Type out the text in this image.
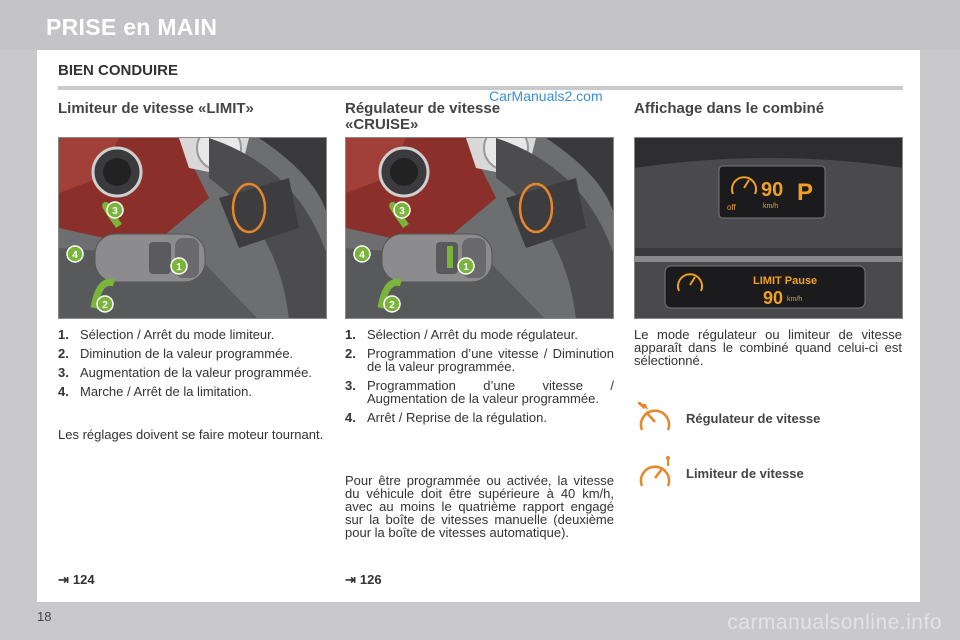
PRISE en MAIN
BIEN CONDUIRE
CarManuals2.com
Limiteur de vitesse «LIMIT»	Régulateur de vitesse
«CRUISE»
Affichage dans le combiné
3
4
1
2
3
4
1
2
off
90
km/h
P
LIMIT Pause
90 km/h
1. Sélection / Arrêt du mode limiteur.
2. Diminution de la valeur programmée.
3. Augmentation de la valeur programmée.
4. Marche / Arrêt de la limitation.
Les réglages doivent se faire moteur tournant.
1. Sélection / Arrêt du mode régulateur.
2. Programmation d’une vitesse / Diminution de la valeur programmée.
3. Programmation d’une vitesse / Augmentation de la valeur programmée.
4. Arrêt / Reprise de la régulation.
Pour être programmée ou activée, la vitesse du véhicule doit être supérieure à 40 km/h, avec au moins le quatrième rapport engagé sur la boîte de vitesses manuelle (deuxième pour la boîte de vitesses automatique).
Le mode régulateur ou limiteur de vitesse apparaît dans le combiné quand celui-ci est sélectionné.
Régulateur de vitesse
Limiteur de vitesse
⇥ 124	⇥ 126
18	carmanualsonline.info
